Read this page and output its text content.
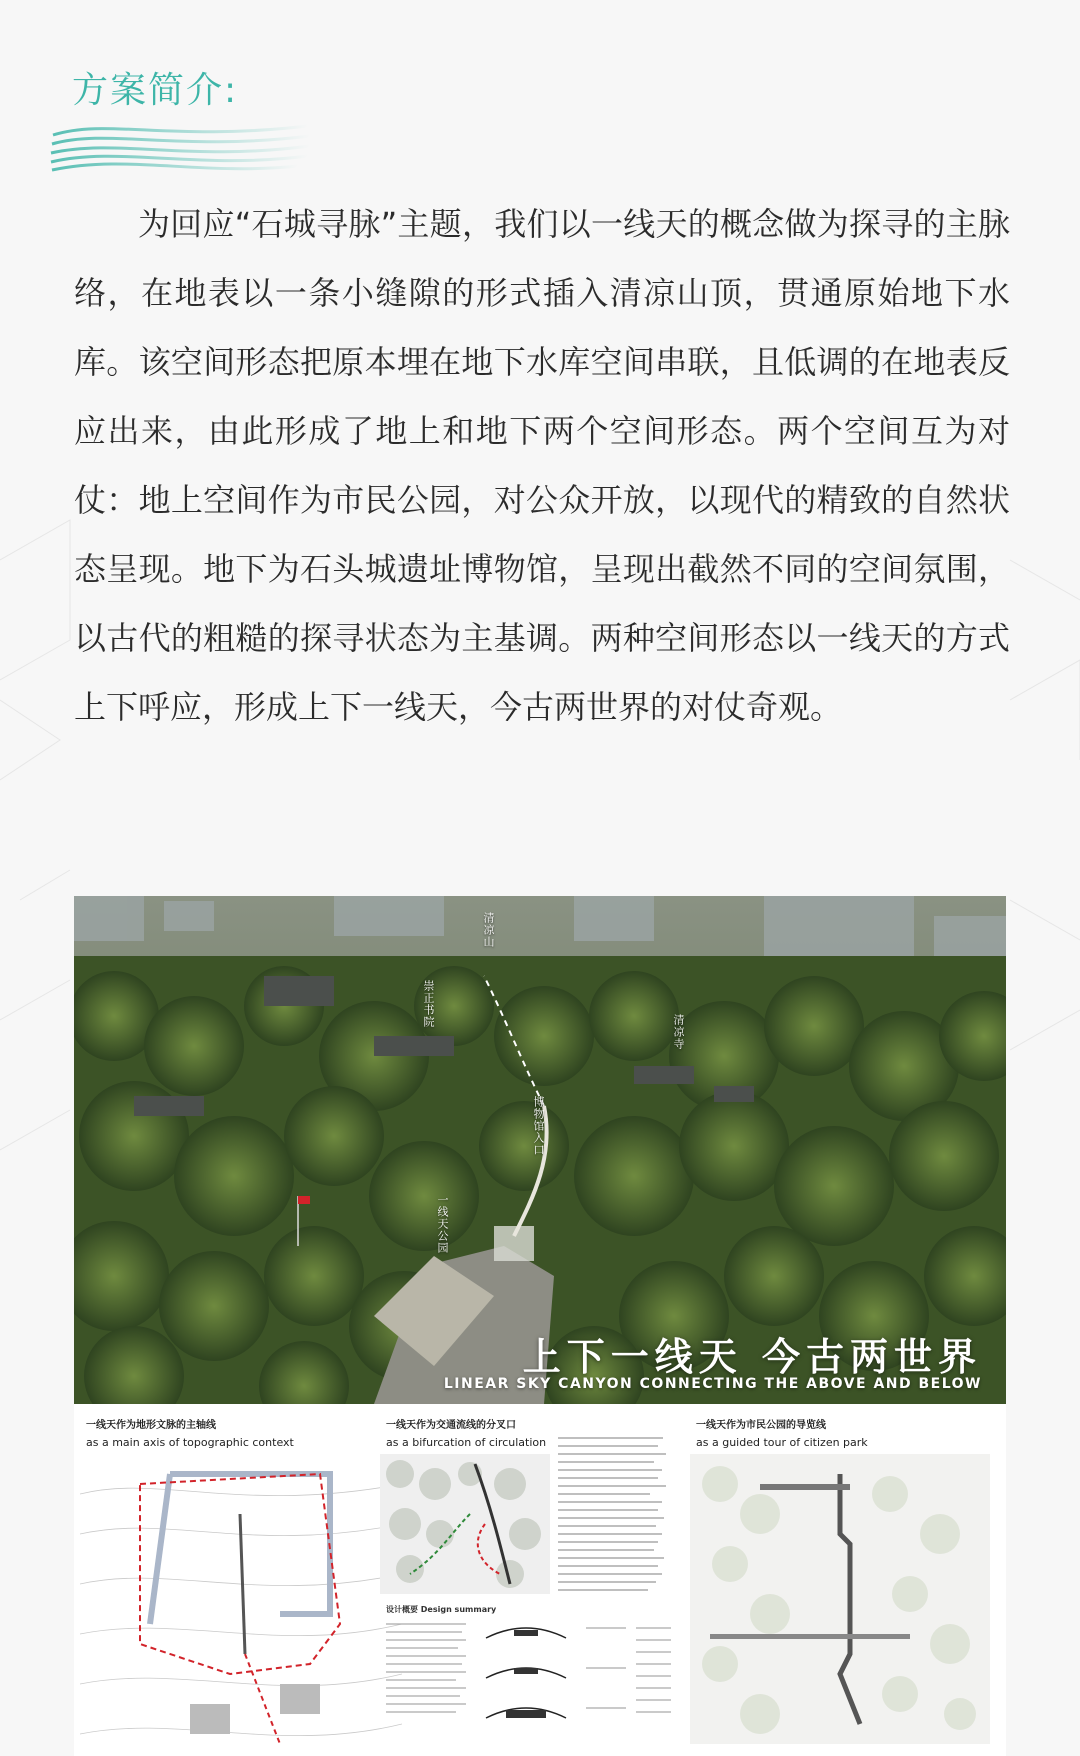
方案简介:

为回应“石城寻脉”主题，我们以一线天的概念做为探寻的主脉络，在地表以一条小缝隙的形式插入清凉山顶，贯通原始地下水库。该空间形态把原本埋在地下水库空间串联，且低调的在地表反应出来，由此形成了地上和地下两个空间形态。两个空间互为对仗：地上空间作为市民公园，对公众开放，以现代的精致的自然状态呈现。地下为石头城遗址博物馆，呈现出截然不同的空间氛围，以古代的粗糙的探寻状态为主基调。两种空间形态以一线天的方式上下呼应，形成上下一线天，今古两世界的对仗奇观。

清凉山
崇正书院
清凉寺
博物馆入口
一线天公园
上下一线天 今古两世界
LINEAR SKY CANYON CONNECTING THE ABOVE AND BELOW
一线天作为地形文脉的主轴线
as a main axis of topographic context
一线天作为交通流线的分叉口
as a bifurcation of circulation
设计概要 Design summary
一线天作为市民公园的导览线
as a guided tour of citizen park
